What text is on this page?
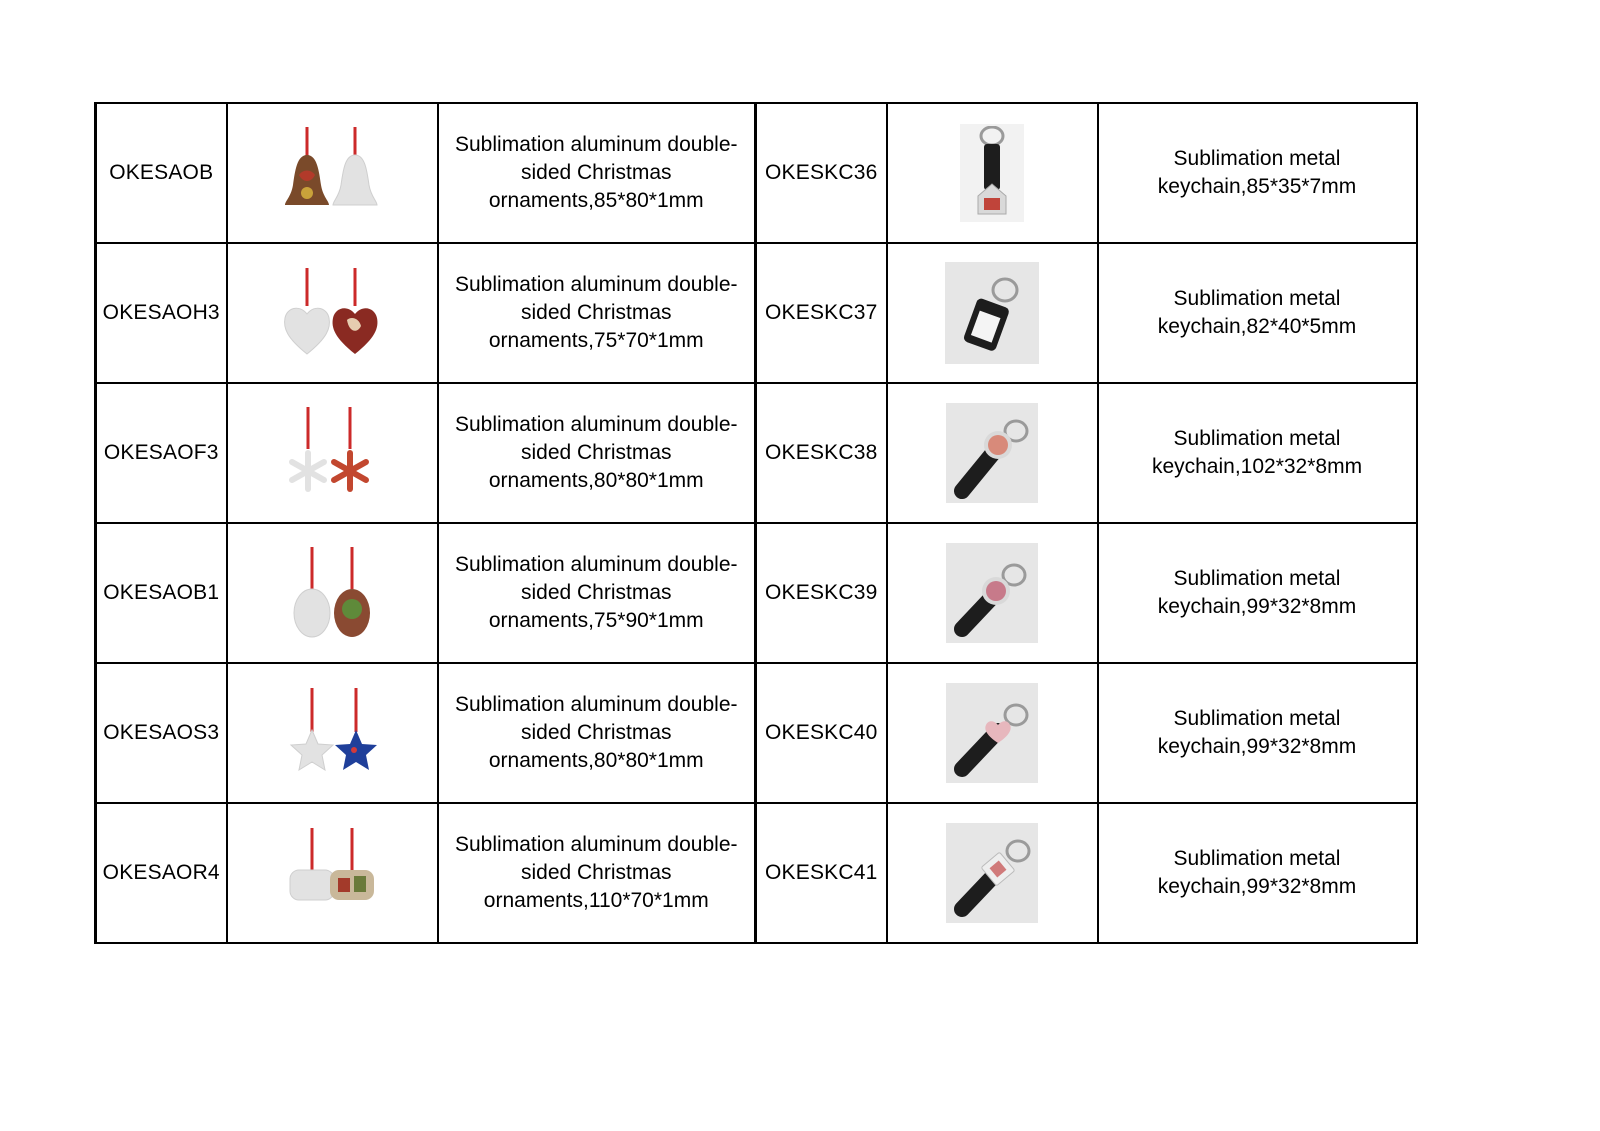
OKESAOB		Sublimation aluminum double-
sided Christmas
ornaments,85*80*1mm	OKESKC36		Sublimation metal
keychain,85*35*7mm

OKESAOH3		Sublimation aluminum double-
sided Christmas
ornaments,75*70*1mm	OKESKC37		Sublimation metal
keychain,82*40*5mm

OKESAOF3		Sublimation aluminum double-
sided Christmas
ornaments,80*80*1mm	OKESKC38		Sublimation metal
keychain,102*32*8mm

OKESAOB1		Sublimation aluminum double-
sided Christmas
ornaments,75*90*1mm	OKESKC39		Sublimation metal
keychain,99*32*8mm

OKESAOS3		Sublimation aluminum double-
sided Christmas
ornaments,80*80*1mm	OKESKC40		Sublimation metal
keychain,99*32*8mm

OKESAOR4		Sublimation aluminum double-
sided Christmas
ornaments,110*70*1mm	OKESKC41		Sublimation metal
keychain,99*32*8mm
